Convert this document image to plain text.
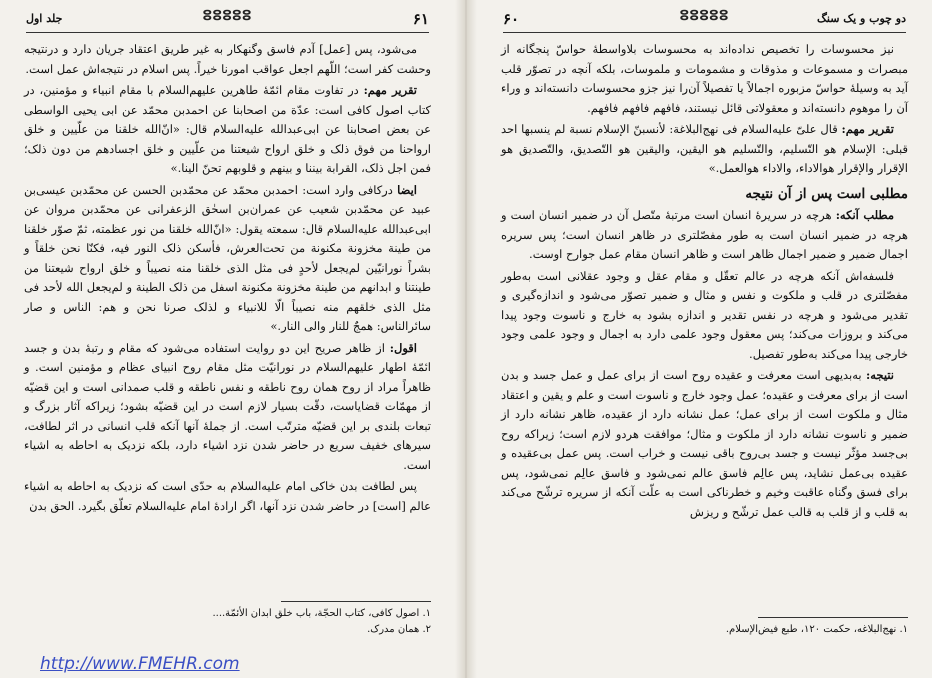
۶۱
ⵓⵓⵓⵓⵓ
جلد اول

می‌شود، پس [عمل] آدم فاسق وگنهکار به غیر طریق اعتقاد جریان دارد و درنتیجه وحشت کفر است؛ اللّهم اجعل عواقب امورنا خیراً. پس اسلام در نتیجه‌اش عمل است.

تقریر مهم: در تفاوت مقام ائمّهٔ طاهرین علیهم‌السلام با مقام انبیاء و مؤمنین، در کتاب اصول کافی است: عدّة من اصحابنا عن احمدبن محمّد عن ابی یحیی الواسطی عن بعض اصحابنا عن ابی‌عبدالله علیه‌السلام قال: «انّ‌الله خلقنا من علّیین و خلق ارواحنا من فوق ذلک و خلق ارواح شیعتنا من علّیین و خلق اجسادهم من دون ذلک؛ فمن اجل ذلک، القرابة بیننا و بینهم و قلوبهم تحنّ الینا.»

ایضا درکافی وارد است: احمدبن محمّد عن محمّدبن الحسن عن محمّدبن عیسی‌بن عبید عن محمّدبن شعیب عن عمران‌بن اسحٰق الزعفرانی عن محمّدبن مروان عن ابی‌عبدالله علیه‌السلام قال: سمعته یقول: «انّ‌الله خلقنا من نور عظمته، ثمّ صوّر خلقنا من طینة مخزونة مکنونة من تحت‌العرش، فأسکن ذلک النور فیه، فکنّا نحن خلقاً و بشراً نورانیّین لم‌یجعل لأحدٍ فی مثل الذی خلقنا منه نصیباً و خلق ارواح شیعتنا من طینتنا و ابدانهم من طینة مخزونة مکنونة اسفل من ذلک الطینة و لم‌یجعل الله لأحد فی مثل الذی خلقهم منه نصیباً الّا للانبیاء و لذلک صرنا نحن و هم: الناس و صار سائرالناس: همجٌ للنار والی النار.»

اقول: از ظاهر صریح این دو روایت استفاده می‌شود که مقام و رتبهٔ بدن و جسد ائمّهٔ اطهار علیهم‌السلام در نورانیّت مثل مقام روح انبیای عظام و مؤمنین است. و ظاهراً مراد از روح همان روح ناطقه و نفس ناطقه و قلب صمدانی است و این قضیّه از مهمّات قضایاست، دقّت بسیار لازم است در این قضیّه بشود؛ زیراکه آثار بزرگ و تبعات بلندی بر این قضیّه مترتّب است. از جملهٔ آنها آنکه قلب انسانی در اثر لطافت، سیرهای خفیف سریع در حاضر شدن نزد اشیاء دارد، بلکه نزدیک به احاطه به اشیاء است.

پس لطافت بدن خاکی امام علیه‌السلام به حدّی است که نزدیک به احاطه به اشیاء عالم [است] در حاضر شدن نزد آنها، اگر ارادهٔ امام علیه‌السلام تعلّق بگیرد. الحق بدن

۱. اصول کافی، کتاب الحجّة، باب خلق ابدان الأئمّة....
۲. همان مدرک.
۶۰	ⵓⵓⵓⵓⵓ	دو چوب و یک سنگ

نیز محسوسات را تخصیص نداده‌اند به محسوسات بلاواسطهٔ حواسّ پنجگانه از مبصرات و مسموعات و مذوقات و مشمومات و ملموسات، بلکه آنچه در تصوّر قلب آید به وسیلهٔ حواسّ مزبوره اجمالاً یا تفصیلاً آن‌را نیز جزو محسوسات دانسته‌اند و وراء آن را موهوم دانسته‌اند و معقولاتی قائل نیستند، فافهم فافهم فافهم.

تقریر مهم: قال علیّ علیه‌السلام فی نهج‌البلاغة: لأنسبنّ الإسلام نسبة لم ینسبها احد قبلی: الإسلام هو التّسلیم، والتّسلیم هو الیقین، والیقین هو التّصدیق، والتّصدیق هو الإقرار والإقرار هوالاداء، والاداء هوالعمل.»

مطلبی است پس از آن نتیجه

مطلب آنکه: هرچه در سریرهٔ انسان است مرتبهٔ متّصل آن در ضمیر انسان است و هرچه در ضمیر انسان است به طور مفصّلتری در ظاهر انسان است؛ پس سریره اجمال ضمیر و ضمیر اجمال ظاهر است و ظاهر انسان مقام عمل جوارح اوست.

فلسفه‌اش آنکه هرچه در عالم تعقّل و مقام عقل و وجود عقلانی است به‌طور مفصّلتری در قلب و ملکوت و نفس و مثال و ضمیر تصوّر می‌شود و اندازه‌گیری و تقدیر می‌شود و هرچه در نفس تقدیر و اندازه بشود به خارج و ناسوت وجود پیدا می‌کند و بروزات می‌کند؛ پس معقول وجود علمی دارد به اجمال و وجود علمی وجود خارجی پیدا می‌کند به‌طور تفصیل.

نتیجه: به‌بدیهی است معرفت و عقیده روح است از برای عمل و عمل جسد و بدن است از برای معرفت و عقیده؛ عمل وجود خارج و ناسوت است و علم و یقین و اعتقاد مثال و ملکوت است از برای عمل؛ عمل نشانه دارد از عقیده، ظاهر نشانه دارد از ضمیر و ناسوت نشانه دارد از ملکوت و مثال؛ موافقت هردو لازم است؛ زیراکه روح بی‌جسد مؤثّر نیست و جسد بی‌روح باقی نیست و خراب است. پس عمل بی‌عقیده و عقیده بی‌عمل نشاید، پس عالِم فاسق عالم نمی‌شود و فاسق عالِم نمی‌شود، پس برای فسق وگناه عاقبت وخیم و خطرناکی است به علّت آنکه از سریره ترشّح می‌کند به قلب و از قلب به قالب عمل ترشّح و ریزش

۱. نهج‌البلاغه، حکمت ۱۲۰، طبع فیض‌الإسلام.
http://www.FMEHR.com
